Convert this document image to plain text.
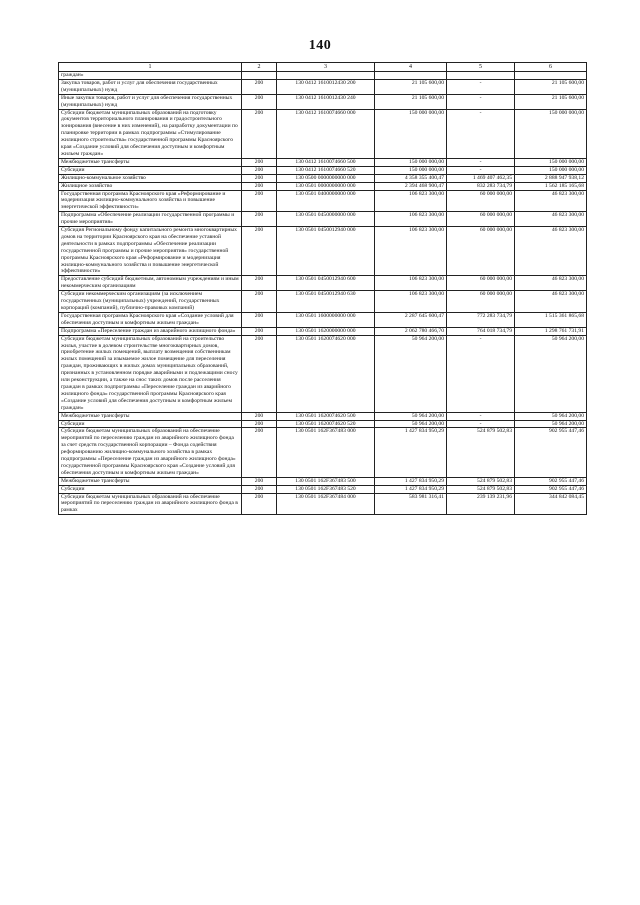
140
1	2	3	4	5	6
граждан»					
Закупка товаров, работ и услуг для обеспечения государственных (муниципальных) нужд	200	130 0412 1610012430 200	21 105 600,00	-	21 105 600,00
Иные закупки товаров, работ и услуг для обеспечения государственных (муниципальных) нужд	200	130 0412 1610012430 240	21 105 600,00	-	21 105 600,00
Субсидии бюджетам муниципальных образований на подготовку документов территориального планирования и градостроительного зонирования (внесение в них изменений), на разработку документации по планировке территории в рамках подпрограммы «Стимулирование жилищного строительства» государственной программы Красноярского края «Создание условий для обеспечения доступным и комфортным жильем граждан»	200	130 0412 1610074660 000	150 000 000,00	-	150 000 000,00
Межбюджетные трансферты	200	130 0412 1610074660 500	150 000 000,00	-	150 000 000,00
Субсидии	200	130 0412 1610074660 520	150 000 000,00	-	150 000 000,00
Жилищно-коммунальное хозяйство	200	130 0500 0000000000 000	4 358 355 400,47	1 469 407 462,35	2 888 947 938,12
Жилищное хозяйство	200	130 0501 0000000000 000	2 394 468 900,47	832 283 734,79	1 562 185 165,68
Государственная программа Красноярского края «Реформирование и модернизация жилищно-коммунального хозяйства и повышение энергетической эффективности»	200	130 0501 0400000000 000	106 823 300,00	60 000 000,00	46 823 300,00
Подпрограмма «Обеспечение реализации государственной программы и прочие мероприятия»	200	130 0501 0450000000 000	106 823 300,00	60 000 000,00	46 823 300,00
Субсидия Региональному фонду капитального ремонта многоквартирных домов на территории Красноярского края на обеспечение уставной деятельности в рамках подпрограммы «Обеспечение реализации государственной программы и прочие мероприятия» государственной программы Красноярского края «Реформирование и модернизация жилищно-коммунального хозяйства и повышение энергетической эффективности»	200	130 0501 0450012940 000	106 823 300,00	60 000 000,00	46 823 300,00
Предоставление субсидий бюджетным, автономным учреждениям и иным некоммерческим организациям	200	130 0501 0450012940 600	106 823 300,00	60 000 000,00	46 823 300,00
Субсидии некоммерческим организациям (за исключением государственных (муниципальных) учреждений, государственных корпораций (компаний), публично-правовых компаний)	200	130 0501 0450012940 630	106 823 300,00	60 000 000,00	46 823 300,00
Государственная программа Красноярского края «Создание условий для обеспечения доступным и комфортным жильем граждан»	200	130 0501 1600000000 000	2 287 645 600,47	772 283 734,79	1 515 361 865,68
Подпрограмма «Переселение граждан из аварийного жилищного фонда»	200	130 0501 1620000000 000	2 062 780 466,70	764 018 734,79	1 298 761 731,91
Субсидии бюджетам муниципальных образований на строительство жилья, участие в долевом строительстве многоквартирных домов, приобретение жилых помещений, выплату возмещения собственникам жилых помещений за изымаемое жилое помещение для переселения граждан, проживающих в жилых домах муниципальных образований, признанных в установленном порядке аварийными и подлежащими сносу или реконструкции, а также на снос таких домов после расселения граждан в рамках подпрограммы «Переселение граждан из аварийного жилищного фонда» государственной программы Красноярского края «Создание условий для обеспечения доступным и комфортным жильем граждан»	200	130 0501 1620074620 000	50 964 200,00	-	50 964 200,00
Межбюджетные трансферты	200	130 0501 1620074620 500	50 964 200,00	-	50 964 200,00
Субсидии	200	130 0501 1620074620 520	50 964 200,00	-	50 964 200,00
Субсидии бюджетам муниципальных образований на обеспечение мероприятий по переселению граждан из аварийного жилищного фонда за счет средств государственной корпорации – Фонда содействия реформированию жилищно-коммунального хозяйства в рамках подпрограммы «Переселение граждан из аварийного жилищного фонда» государственной программы Красноярского края «Создание условий для обеспечения доступным и комфортным жильем граждан»	200	130 0501 162F367483 000	1 427 834 950,29	524 879 502,83	902 955 447,46
Межбюджетные трансферты	200	130 0501 162F367483 500	1 427 834 950,29	524 879 502,83	902 955 447,46
Субсидии	200	130 0501 162F367483 520	1 427 834 950,29	524 879 502,83	902 955 447,46
Субсидии бюджетам муниципальных образований на обеспечение мероприятий по переселению граждан из аварийного жилищного фонда в рамках	200	130 0501 162F367484 000	583 981 316,41	239 139 231,96	344 842 084,45
